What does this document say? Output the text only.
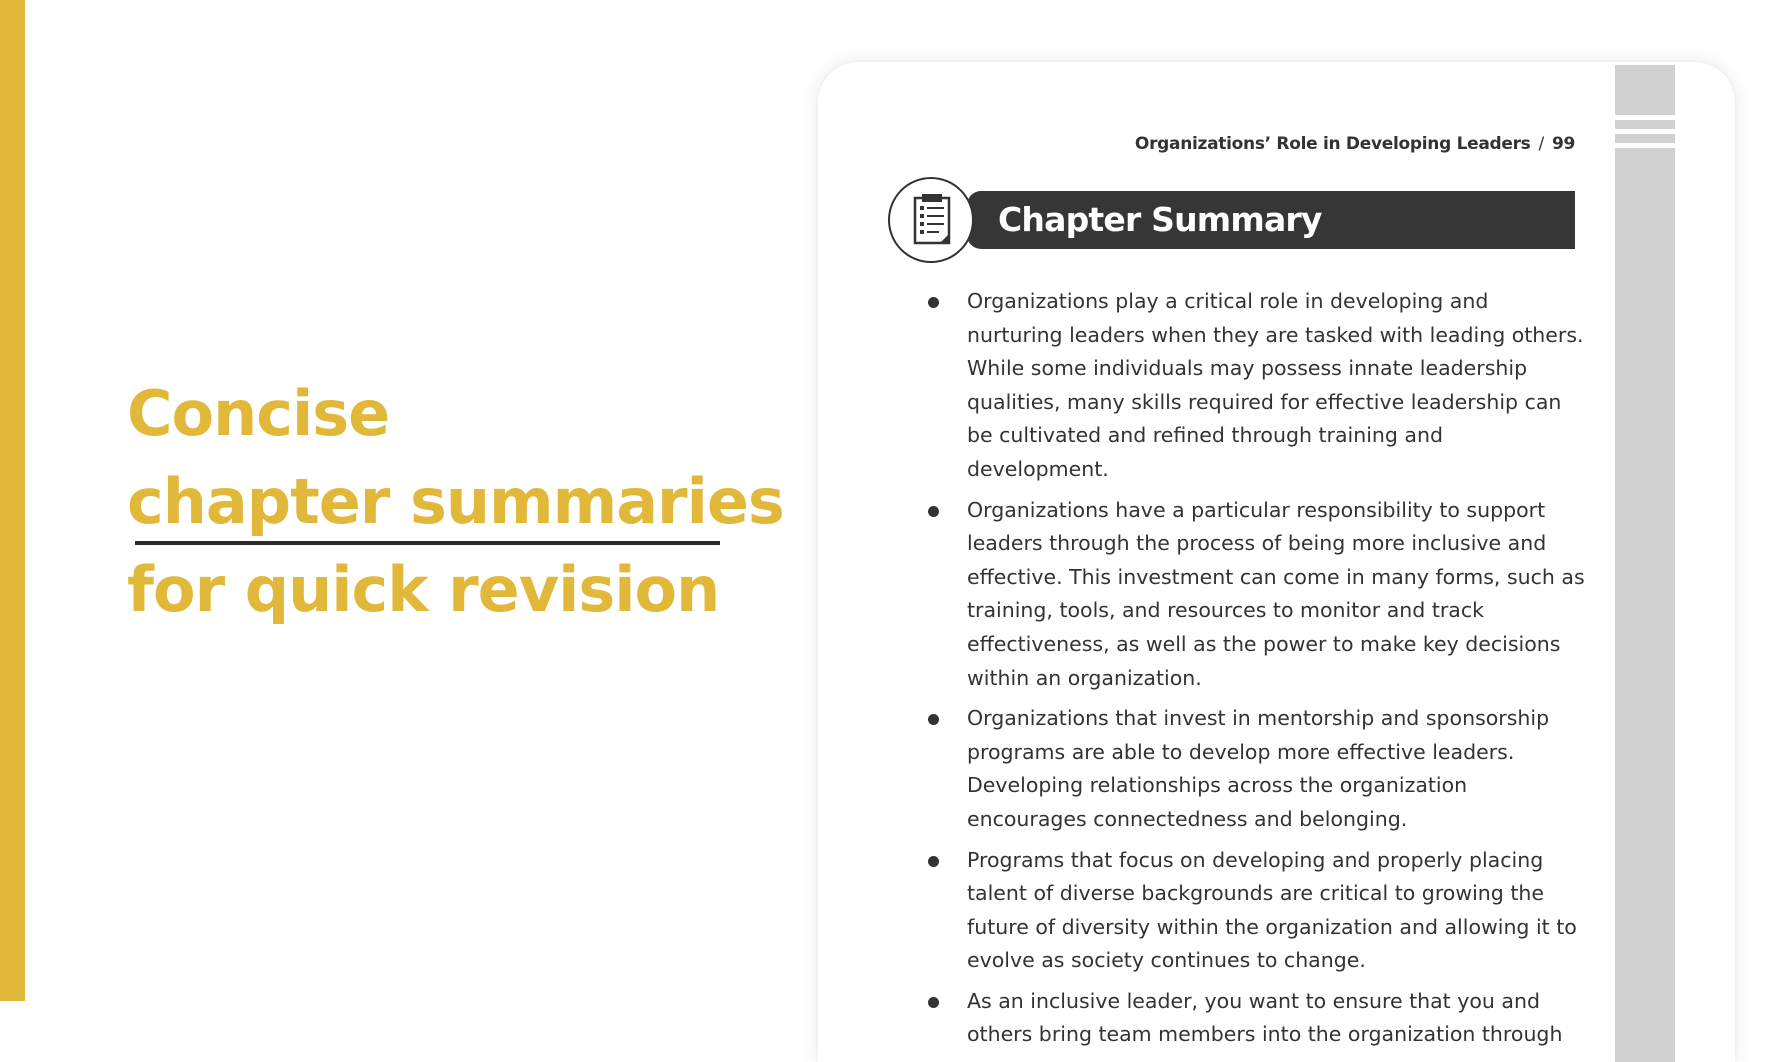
Concise
chapter summaries
for quick revision
Organizations’ Role in Developing Leaders / 99
Chapter Summary
Organizations play a critical role in developing and nurturing leaders when they are tasked with leading others. While some individuals may possess innate leadership qualities, many skills required for effective leadership can be cultivated and refined through training and development.
Organizations have a particular responsibility to support leaders through the process of being more inclusive and effective. This investment can come in many forms, such as training, tools, and resources to monitor and track effectiveness, as well as the power to make key decisions within an organization.
Organizations that invest in mentorship and sponsorship programs are able to develop more effective leaders. Developing relationships across the organization encourages connectedness and belonging.
Programs that focus on developing and properly placing talent of diverse backgrounds are critical to growing the future of diversity within the organization and allowing it to evolve as society continues to change.
As an inclusive leader, you want to ensure that you and others bring team members into the organization through
